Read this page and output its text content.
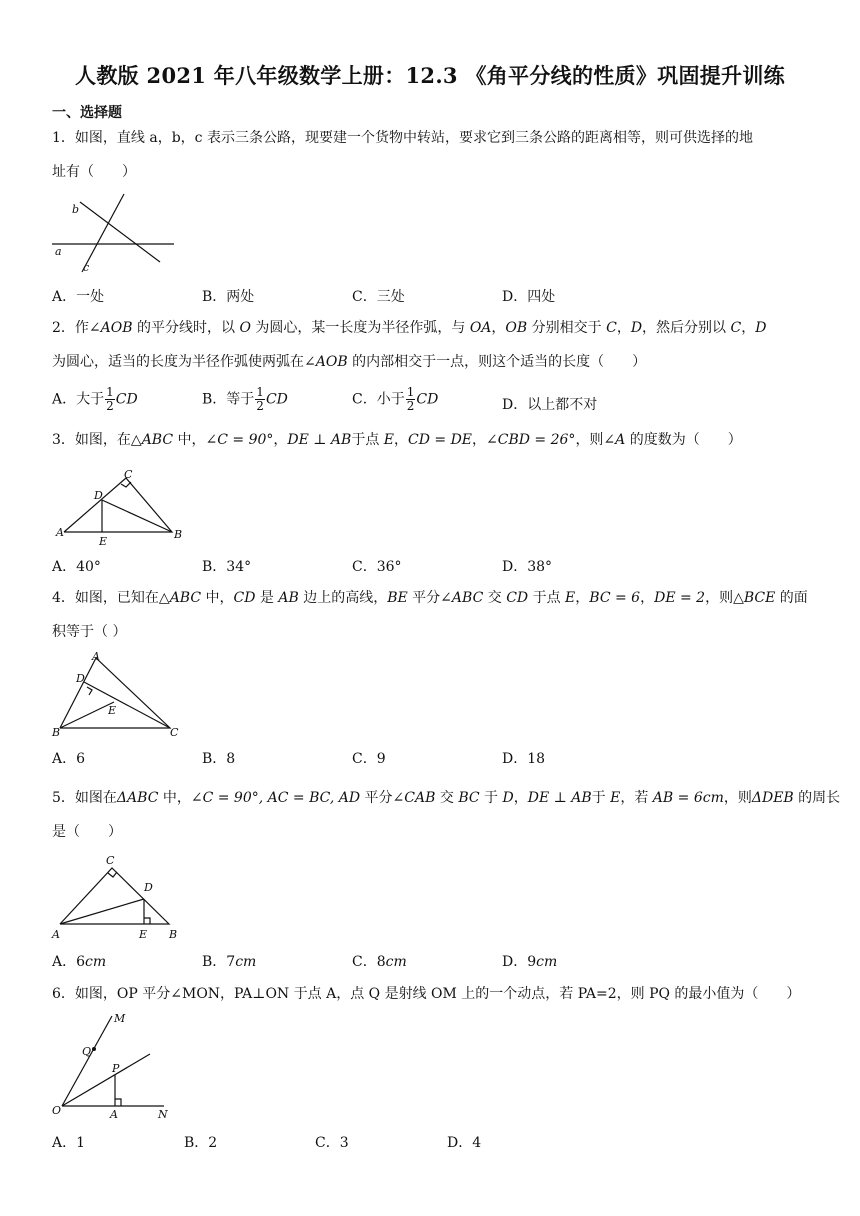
人教版 2021 年八年级数学上册：12.3 《角平分线的性质》巩固提升训练
一、选择题
1．如图，直线 a，b，c 表示三条公路，现要建一个货物中转站，要求它到三条公路的距离相等，则可供选择的地
址有（　　）
b
a
c
A．一处	B．两处	C．三处	D．四处
2．作∠AOB 的平分线时，以 O 为圆心，某一长度为半径作弧，与 OA，OB 分别相交于 C，D，然后分别以 C，D
为圆心，适当的长度为半径作弧使两弧在∠AOB 的内部相交于一点，则这个适当的长度（　　）
A．大于 $\frac{1}{2}$ CD	B．等于 $\frac{1}{2}$ CD	C．小于 $\frac{1}{2}$ CD	D．以上都不对
3．如图，在△ABC 中，∠C = 90°，DE ⊥ AB于点 E，CD = DE，∠CBD = 26°，则∠A 的度数为（　　）
A	B
C
D
E
A．40°	B．34°	C．36°	D．38°
4．如图，已知在△ABC 中，CD 是 AB 边上的高线，BE 平分∠ABC 交 CD 于点 E，BC = 6，DE = 2，则△BCE 的面
积等于（ ）
A
B	C
D
E
A．6	B．8	C．9	D．18
5．如图在ΔABC 中，∠C = 90°, AC = BC, AD 平分∠CAB 交 BC 于 D，DE ⊥ AB于 E，若 AB = 6cm，则ΔDEB 的周长
是（　　）
A	B
C
D
E
A．6cm	B．7cm	C．8cm	D．9cm
6．如图，OP 平分∠MON，PA⊥ON 于点 A，点 Q 是射线 OM 上的一个动点，若 PA=2，则 PQ 的最小值为（　　）
M
Q
P
O	A	N
A．1	B．2	C．3	D．4
